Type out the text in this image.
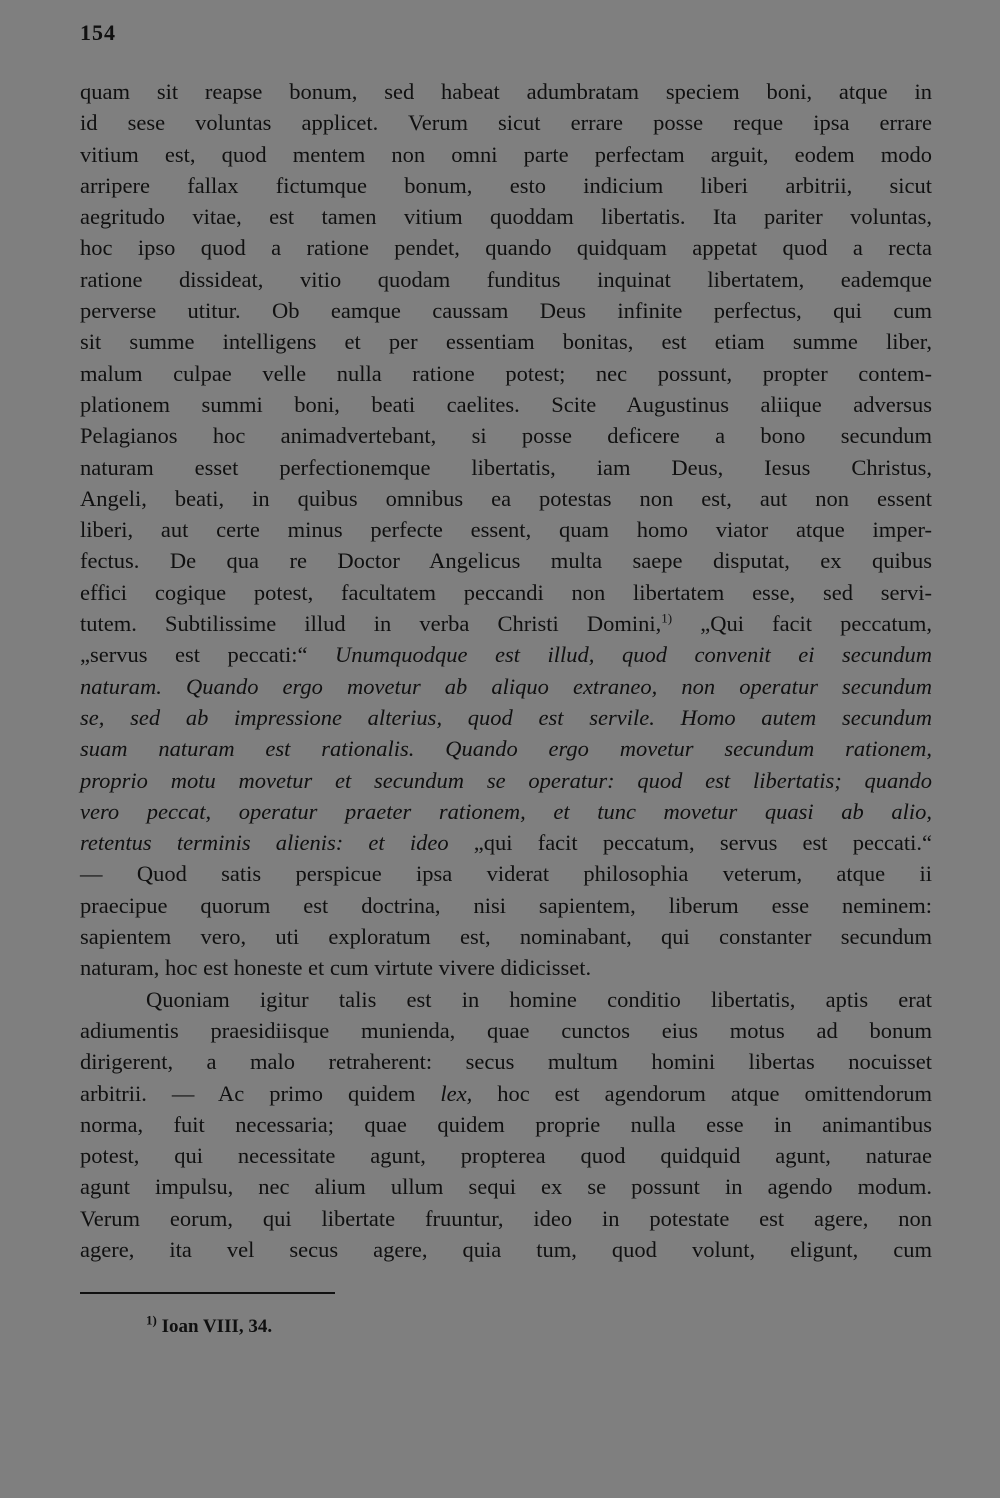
154
quam sit reapse bonum, sed habeat adumbratam speciem boni, atque in
id sese voluntas applicet. Verum sicut errare posse reque ipsa errare
vitium est, quod mentem non omni parte perfectam arguit, eodem modo
arripere fallax fictumque bonum, esto indicium liberi arbitrii, sicut
aegritudo vitae, est tamen vitium quoddam libertatis. Ita pariter voluntas,
hoc ipso quod a ratione pendet, quando quidquam appetat quod a recta
ratione dissideat, vitio quodam funditus inquinat libertatem, eademque
perverse utitur. Ob eamque caussam Deus infinite perfectus, qui cum
sit summe intelligens et per essentiam bonitas, est etiam summe liber,
malum culpae velle nulla ratione potest; nec possunt, propter contem-
plationem summi boni, beati caelites. Scite Augustinus aliique adversus
Pelagianos hoc animadvertebant, si posse deficere a bono secundum
naturam esset perfectionemque libertatis, iam Deus, Iesus Christus,
Angeli, beati, in quibus omnibus ea potestas non est, aut non essent
liberi, aut certe minus perfecte essent, quam homo viator atque imper-
fectus. De qua re Doctor Angelicus multa saepe disputat, ex quibus
effici cogique potest, facultatem peccandi non libertatem esse, sed servi-
tutem. Subtilissime illud in verba Christi Domini,$^{1)}$ „Qui facit peccatum,
„servus est peccati:“ Unumquodque est illud, quod convenit ei secundum
naturam. Quando ergo movetur ab aliquo extraneo, non operatur secundum
se, sed ab impressione alterius, quod est servile. Homo autem secundum
suam naturam est rationalis. Quando ergo movetur secundum rationem,
proprio motu movetur et secundum se operatur: quod est libertatis; quando
vero peccat, operatur praeter rationem, et tunc movetur quasi ab alio,
retentus terminis alienis: et ideo „qui facit peccatum, servus est peccati.“
— Quod satis perspicue ipsa viderat philosophia veterum, atque ii
praecipue quorum est doctrina, nisi sapientem, liberum esse neminem:
sapientem vero, uti exploratum est, nominabant, qui constanter secundum
naturam, hoc est honeste et cum virtute vivere didicisset.
Quoniam igitur talis est in homine conditio libertatis, aptis erat
adiumentis praesidiisque munienda, quae cunctos eius motus ad bonum
dirigerent, a malo retraherent: secus multum homini libertas nocuisset
arbitrii. — Ac primo quidem lex, hoc est agendorum atque omittendorum
norma, fuit necessaria; quae quidem proprie nulla esse in animantibus
potest, qui necessitate agunt, propterea quod quidquid agunt, naturae
agunt impulsu, nec alium ullum sequi ex se possunt in agendo modum.
Verum eorum, qui libertate fruuntur, ideo in potestate est agere, non
agere, ita vel secus agere, quia tum, quod volunt, eligunt, cum
$^{1)}$ Ioan VIII, 34.
